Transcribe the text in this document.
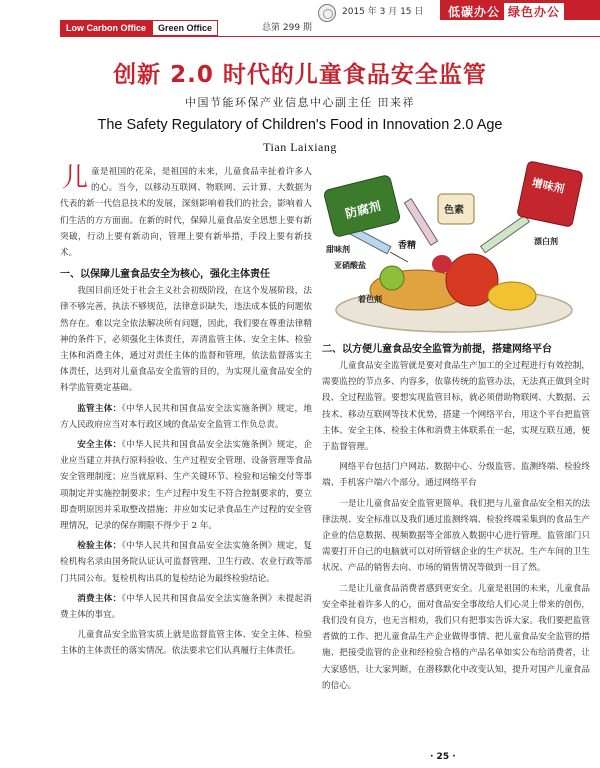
Low Carbon Office	Green Office	总第 299 期
2015 年 3 月 15 日	低碳办公 绿色办公
创新 2.0 时代的儿童食品安全监管
中国节能环保产业信息中心副主任 田来祥
The Safety Regulatory of Children's Food in Innovation 2.0 Age
Tian Laixiang

儿童是祖国的花朵，是祖国的未来，儿童食品幸扯着许多人的心。当今，以移动互联网、物联网、云计算、大数据为代表的新一代信息技术的发展，深刻影响着我们的社会，影响着人们生活的方方面面。在新的时代，保障儿童食品安全思想上要有新突破，行动上要有新动向，管理上要有新举措，手段上要有新技术。

一、以保障儿童食品安全为核心，强化主体责任

我国目前还处于社会主义社会初级阶段，在这个发展阶段，法律不够完善，执法不够规范，法律意识缺失，违法成本低的问题依然存在。难以完全依法解决所有问题，因此，我们要在尊重法律精神的条件下，必须强化主体责任，弄清监管主体、安全主体、检验主体和消费主体，通过对责任主体的监督和管理，依法监督落实主体责任，达到对儿童食品安全监管的目的，为实现儿童食品安全的科学监管奠定基础。

监管主体：《中华人民共和国食品安全法实施条例》规定，地方人民政府应当对本行政区域的食品安全监管工作负总责。

安全主体：《中华人民共和国食品安全法实施条例》规定，企业应当建立并执行原料验收、生产过程安全管理、设备管理等食品安全管理制度；应当就原料、生产关键环节、检验和运输交付等事项制定并实施控制要求；生产过程中发生不符合控制要求的，要立即查明原因并采取整改措施；并应如实记录食品生产过程的安全管理情况，记录的保存期限不得少于 2 年。

检验主体：《中华人民共和国食品安全法实施条例》规定，复检机构名录由国务院认证认可监督管理、卫生行政、农业行政等部门共同公布。复检机构出具的复检结论为最终检验结论。

消费主体：《中华人民共和国食品安全法实施条例》未提起消费主体的事宜。

儿童食品安全监管实质上就是监督监管主体、安全主体、检验主体的主体责任的落实情况。依法要求它们认真履行主体责任。

防腐剂
增味剂
色素
甜味剂
亚硝酸盐
香精	漂白剂
着色剂
二、以方便儿童食品安全监管为前提，搭建网络平台

儿童食品安全监管就是要对食品生产加工的全过程进行有效控制，需要监控的节点多、内容多，依靠传统的监管办法，无法真正做到全时段、全过程监管。要想实现监管目标，就必须借助物联网、大数据、云技术、移动互联网等技术优势，搭建一个网络平台，用这个平台把监管主体、安全主体、检验主体和消费主体联系在一起，实现互联互通，便于监督管理。

网络平台包括门户网站、数据中心、分级监管、监测终端、检验终端、手机客户端六个部分。通过网络平台

一是让儿童食品安全监管更简单。我们把与儿童食品安全相关的法律法规、安全标准以及我们通过监测终端、检验终端采集到的食品生产企业的信息数据、视频数据等全部放入数据中心进行管理。监管部门只需要打开自己的电脑就可以对所管辖企业的生产状况、生产车间的卫生状况、产品的销售去向、市场的销售情况等做到一目了然。

二是让儿童食品消费者感到更安全。儿童是祖国的未来，儿童食品安全牵扯着许多人的心，面对食品安全事故给人们心灵上带来的创伤，我们没有良方，也无言相劝，我们只有把事实告诉大家。我们要把监管者做的工作、把儿童食品生产企业做得事情、把儿童食品安全监管的措施、把接受监管的企业和经检验合格的产品名单如实公布给消费者，让大家感悟，让大家判断，在潜移默化中改变认知，提升对国产儿童食品的信心。

· 25 ·
